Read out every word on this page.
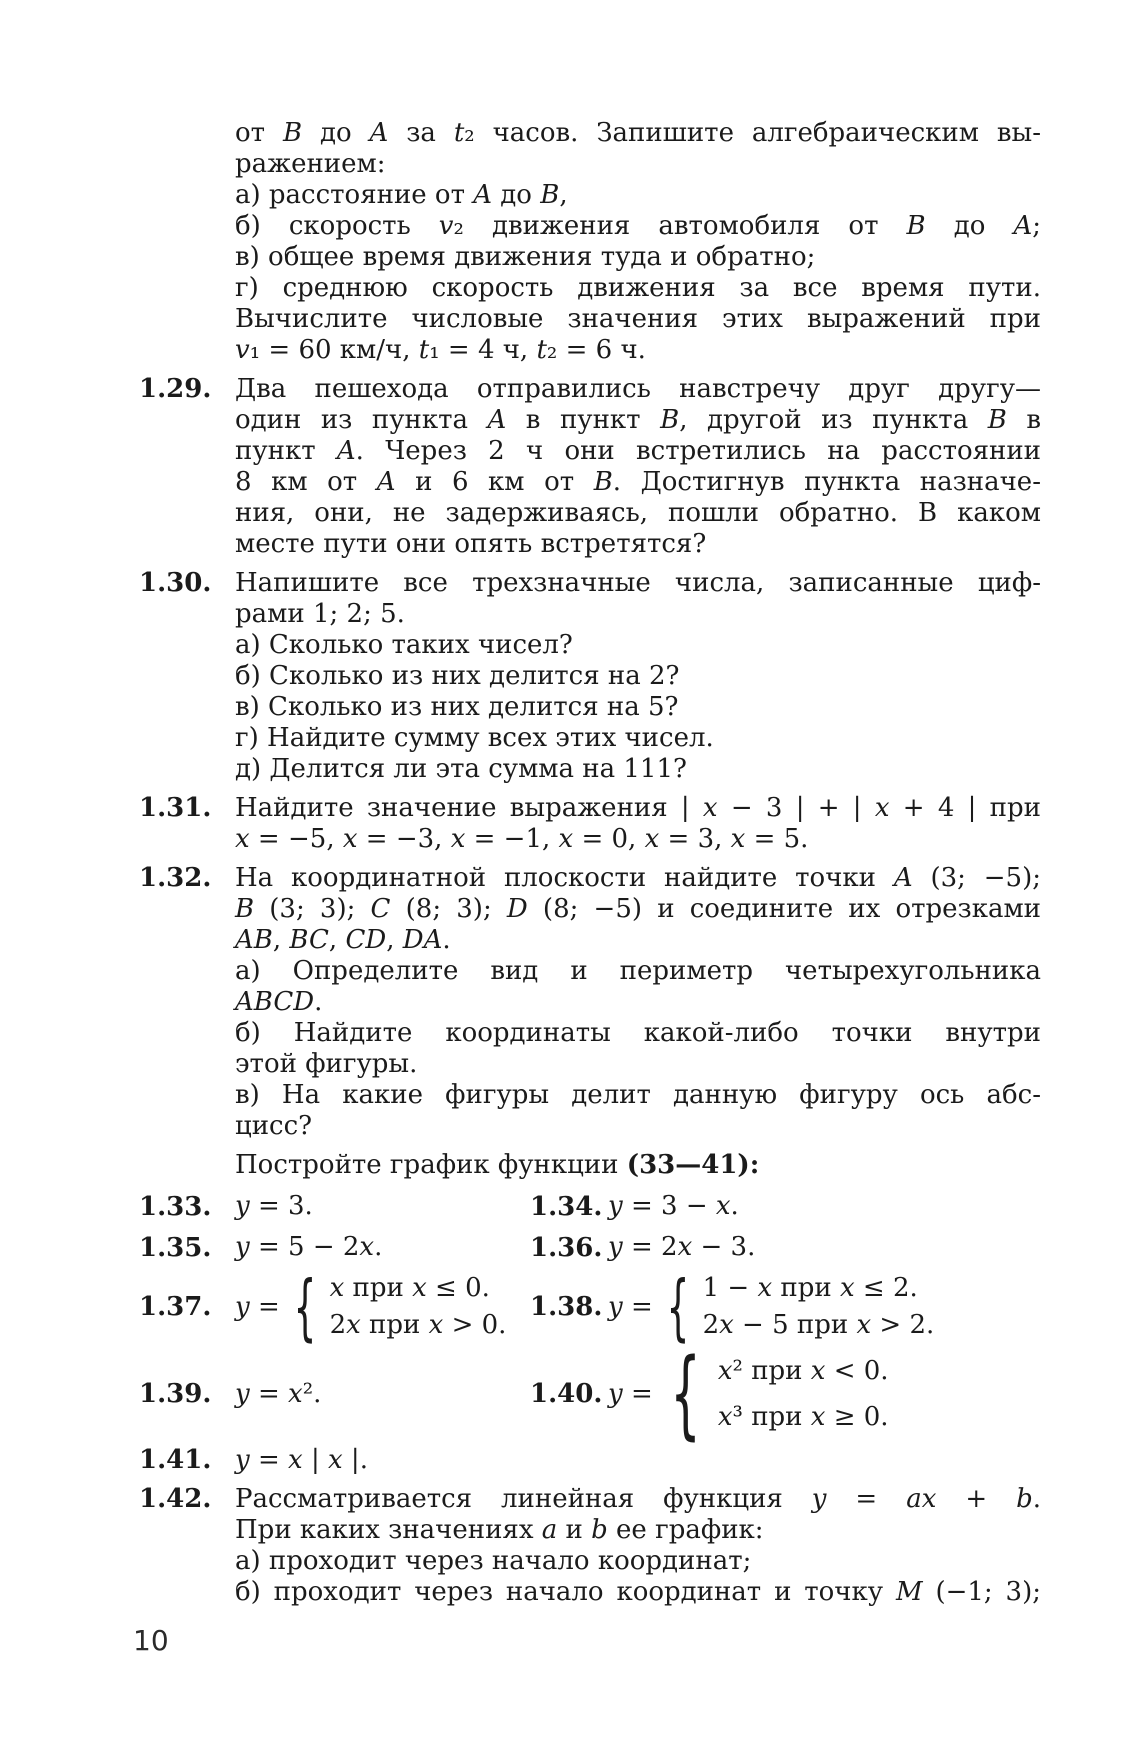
от B до A за t₂ часов. Запишите алгебраическим вы-
ражением:
а) расстояние от A до B,
б) скорость v₂ движения автомобиля от B до A;
в) общее время движения туда и обратно;
г) среднюю скорость движения за все время пути.
Вычислите числовые значения этих выражений при
v₁ = 60 км/ч, t₁ = 4 ч, t₂ = 6 ч.
1.29. Два пешехода отправились навстречу друг другу—
один из пункта A в пункт B, другой из пункта B в
пункт A. Через 2 ч они встретились на расстоянии
8 км от A и 6 км от B. Достигнув пункта назначе-
ния, они, не задерживаясь, пошли обратно. В каком
месте пути они опять встретятся?
1.30. Напишите все трехзначные числа, записанные циф-
рами 1; 2; 5.
а) Сколько таких чисел?
б) Сколько из них делится на 2?
в) Сколько из них делится на 5?
г) Найдите сумму всех этих чисел.
д) Делится ли эта сумма на 111?
1.31. Найдите значение выражения | x − 3 | + | x + 4 | при
x = −5, x = −3, x = −1, x = 0, x = 3, x = 5.
1.32. На координатной плоскости найдите точки A (3; −5);
B (3; 3); C (8; 3); D (8; −5) и соедините их отрезками
AB, BC, CD, DA.
а) Определите вид и периметр четырехугольника
ABCD.
б) Найдите координаты какой-либо точки внутри
этой фигуры.
в) На какие фигуры делит данную фигуру ось абс-
цисс?
Постройте график функции (33—41):
1.33. y = 3.	1.34. y = 3 − x.
1.35. y = 5 − 2x.	1.36. y = 2x − 3.
1.37. y = { x при x ≤ 0.
2x при x > 0.
1.38. y = { 1 − x при x ≤ 2.
2x − 5 при x > 2.
1.39. y = x².	1.40. y = { x² при x < 0.
x³ при x ≥ 0.
1.41. y = x | x |.
1.42. Рассматривается линейная функция y = ax + b.
При каких значениях a и b ее график:
а) проходит через начало координат;
б) проходит через начало координат и точку M (−1; 3);
10
